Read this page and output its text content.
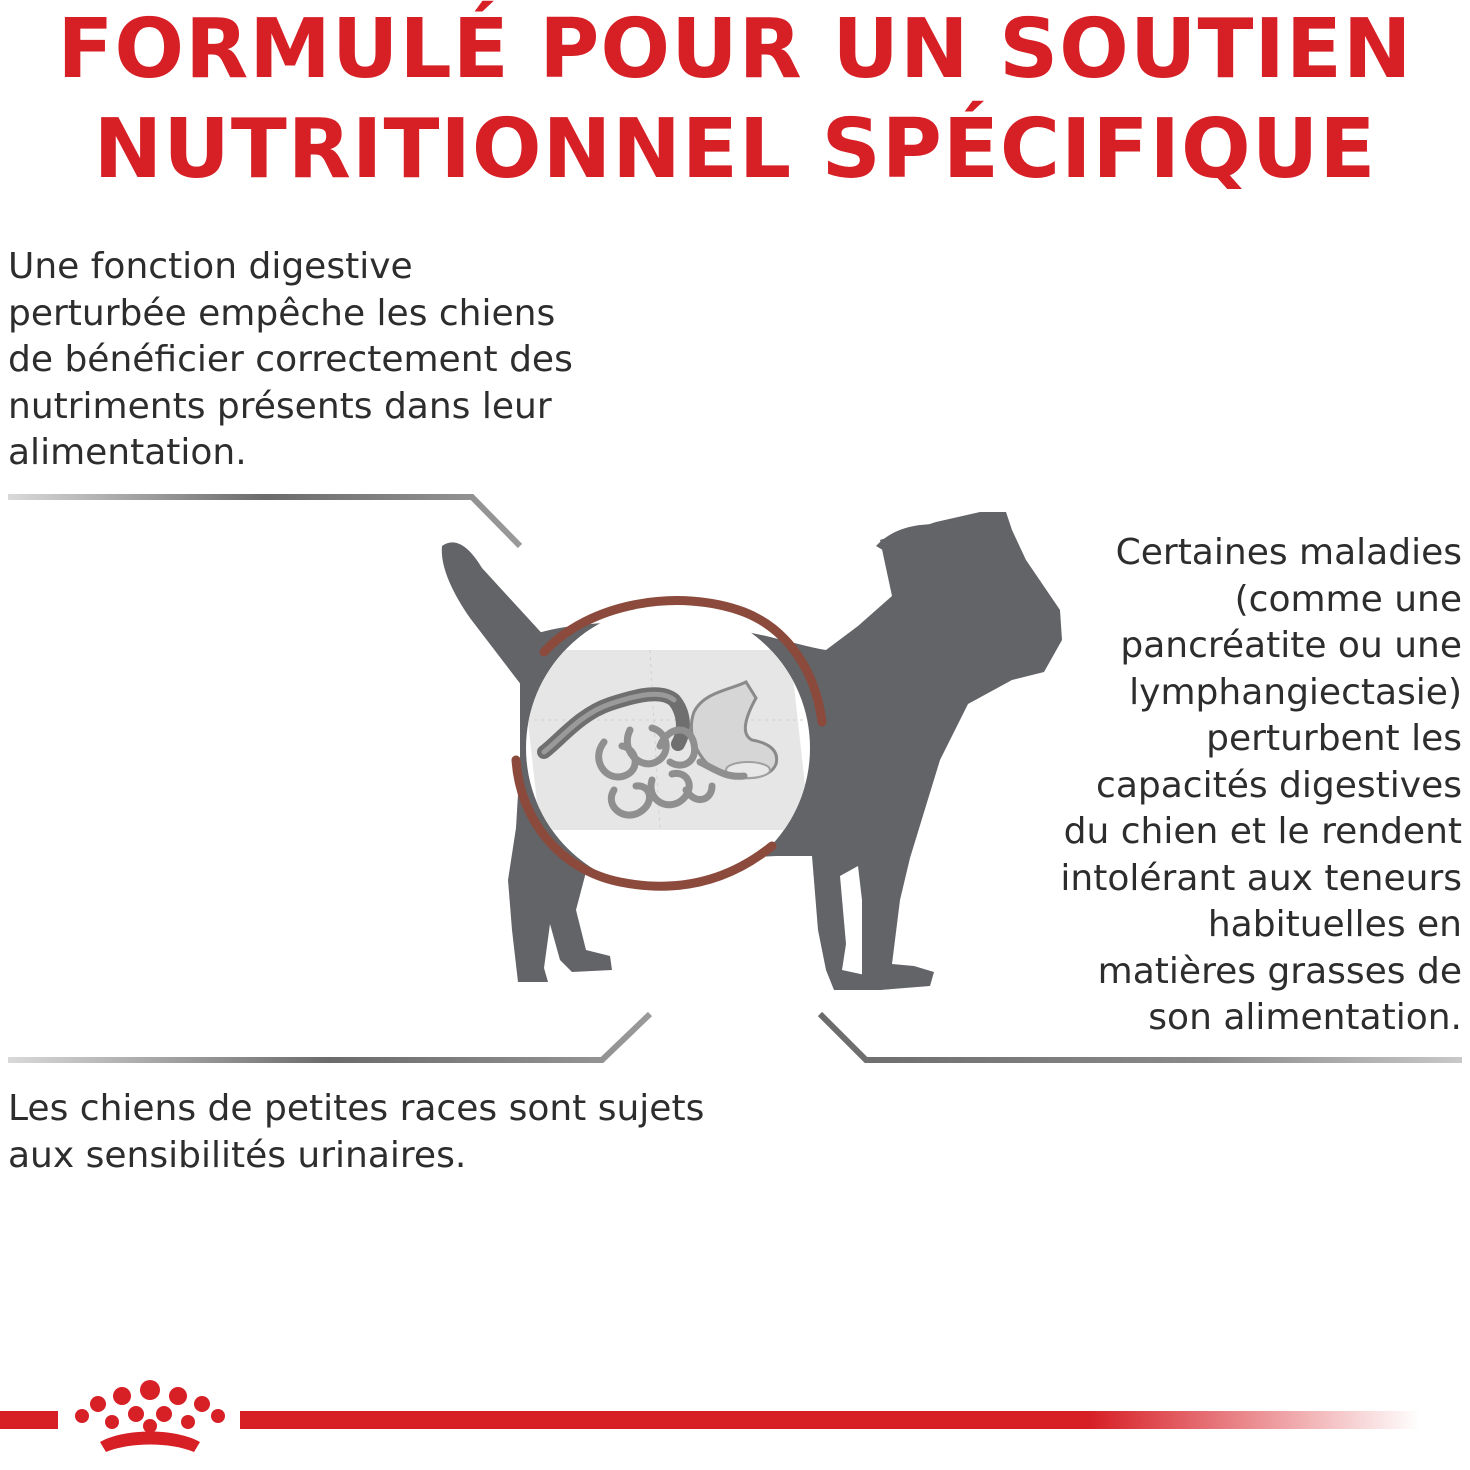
FORMULÉ POUR UN SOUTIEN
NUTRITIONNEL SPÉCIFIQUE

Une fonction digestive
perturbée empêche les chiens
de bénéficier correctement des
nutriments présents dans leur
alimentation.

Certaines maladies
(comme une
pancréatite ou une
lymphangiectasie)
perturbent les
capacités digestives
du chien et le rendent
intolérant aux teneurs
habituelles en
matières grasses de
son alimentation.

Les chiens de petites races sont sujets
aux sensibilités urinaires.
